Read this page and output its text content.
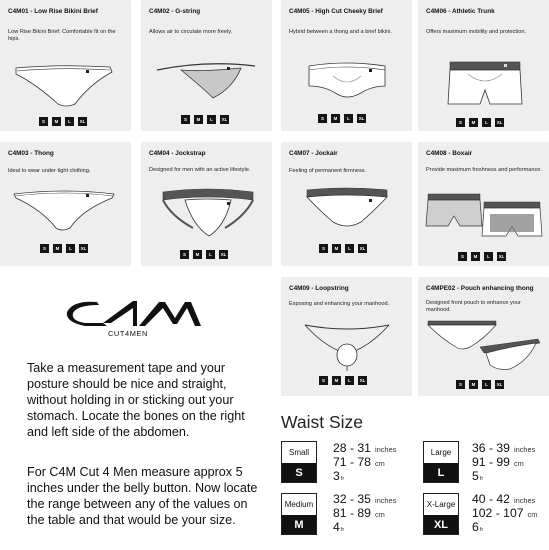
C4M01 - Low Rise Bikini Brief
Low Rise Bikini Brief: Comfortable fit on the hips.
S	M	L	XL
C4M02 - G-string
Allows air to circulate more freely.
S	M	L	XL
C4M05 - High Cut Cheeky Brief
Hybrid between a thong and a brief bikini.
S	M	L	XL
C4M06 - Athletic Trunk
Offers maximum mobility and protection.
S	M	L	XL
C4M03 - Thong
Ideal to wear under tight clothing.
S	M	L	XL
C4M04 - Jockstrap
Designed for men with an active lifestyle.
S	M	L	XL
C4M07 - Jockair
Feeling of permanent firmness.
S	M	L	XL
C4M08 - Boxair
Provide maximum freshness and performance.
S	M	L	XL
C4M09 - Loopstring
Exposing and enhancing your manhood.
S	M	L	XL
C4MPE02 - Pouch enhancing thong
Designed front pouch to enhance your manhood.
S	M	L	XL
CUT4MEN
Take a measurement tape and your posture should be nice and straight, without holding in or sticking out your stomach. Locate the bones on the right and left side of the abdomen.
For C4M Cut 4 Men measure approx 5 inches under the belly button. Now locate the range between any of the values on the table and that would be your size.
Waist Size
Small
S
28 - 31 inches
71 - 78 cm
3fr
Large
L
36 - 39 inches
91 - 99 cm
5fr
Medium
M
32 - 35 inches
81 - 89 cm
4fr
X-Large
XL
40 - 42 inches
102 - 107 cm
6fr
